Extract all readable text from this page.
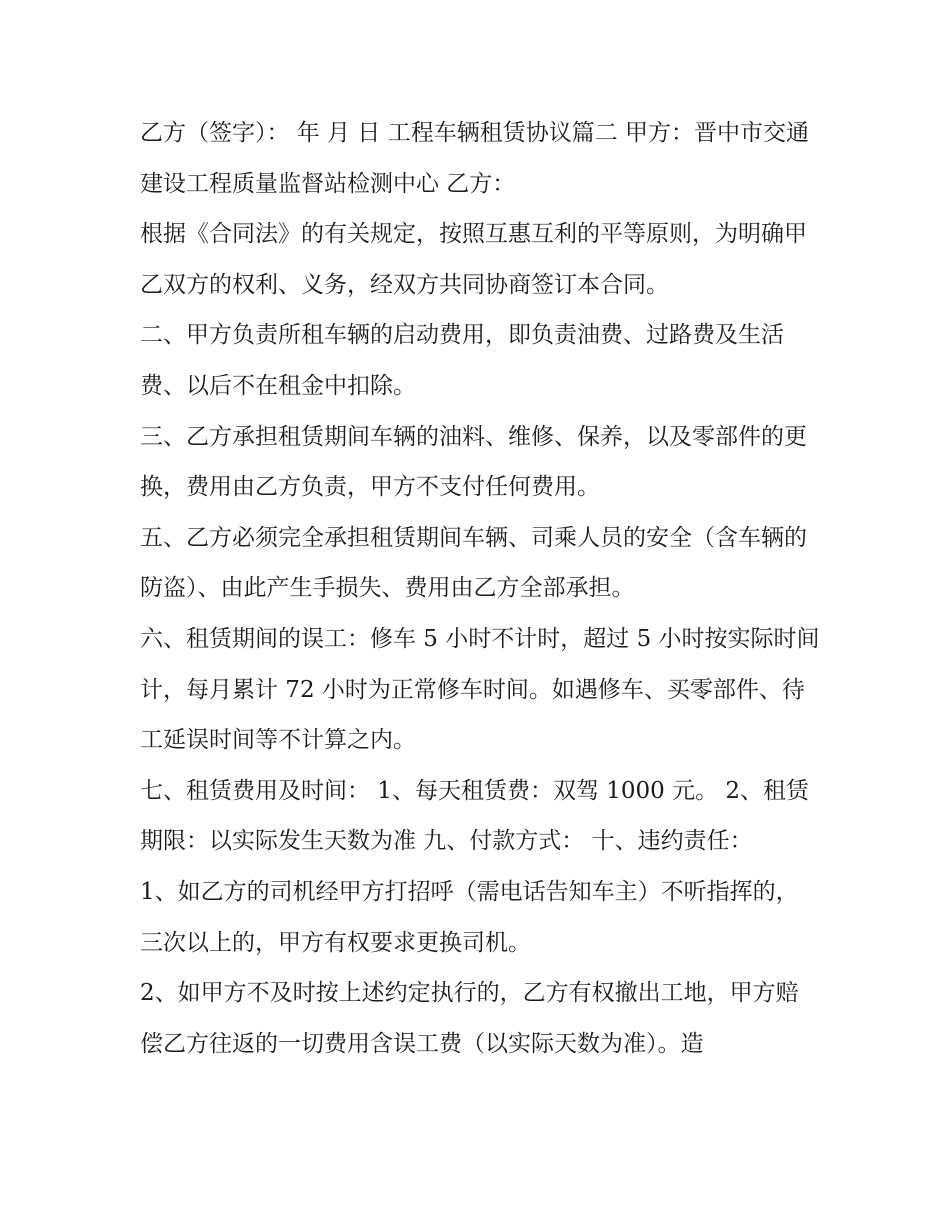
乙方（签字）： 年 月 日 工程车辆租赁协议篇二 甲方：晋中市交通建设工程质量监督站检测中心 乙方：

根据《合同法》的有关规定，按照互惠互利的平等原则，为明确甲乙双方的权利、义务，经双方共同协商签订本合同。

二、甲方负责所租车辆的启动费用，即负责油费、过路费及生活费、以后不在租金中扣除。

三、乙方承担租赁期间车辆的油料、维修、保养，以及零部件的更换，费用由乙方负责，甲方不支付任何费用。

五、乙方必须完全承担租赁期间车辆、司乘人员的安全（含车辆的防盗）、由此产生手损失、费用由乙方全部承担。

六、租赁期间的误工：修车 5 小时不计时，超过 5 小时按实际时间计，每月累计 72 小时为正常修车时间。如遇修车、买零部件、待工延误时间等不计算之内。

七、租赁费用及时间： 1、每天租赁费：双驾 1000 元。 2、租赁期限：以实际发生天数为准 九、付款方式： 十、违约责任：

1、如乙方的司机经甲方打招呼（需电话告知车主）不听指挥的，三次以上的，甲方有权要求更换司机。

2、如甲方不及时按上述约定执行的，乙方有权撤出工地，甲方赔偿乙方往返的一切费用含误工费（以实际天数为准）。造
